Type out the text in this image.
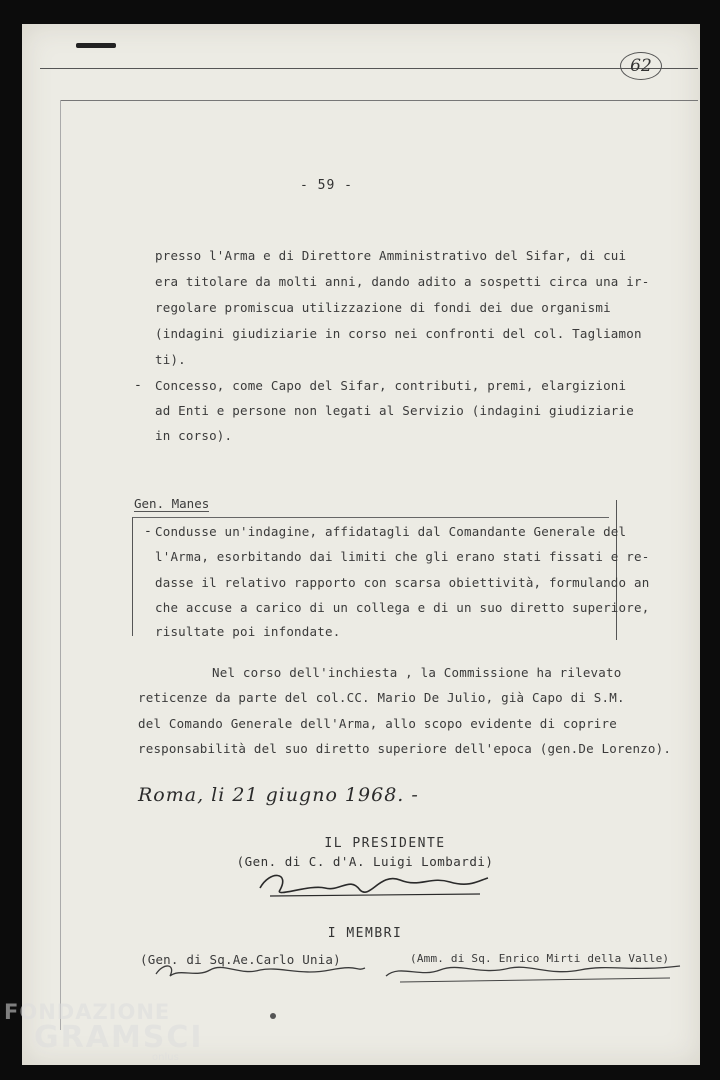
62
- 59 -
presso l'Arma e di Direttore Amministrativo del Sifar, di cui
era titolare da molti anni, dando adito a sospetti circa una ir-
regolare promiscua utilizzazione di fondi dei due organismi
(indagini giudiziarie in corso nei confronti del col. Tagliamon
ti).
- Concesso, come Capo del Sifar, contributi, premi, elargizioni
ad Enti e persone non legati al Servizio (indagini giudiziarie
in corso).
Gen. Manes
- Condusse un'indagine, affidatagli dal Comandante Generale del
l'Arma, esorbitando dai limiti che gli erano stati fissati e re-
dasse il relativo rapporto con scarsa obiettività, formulando an
che accuse a carico di un collega e di un suo diretto superiore,
risultate poi infondate.
Nel corso dell'inchiesta , la Commissione ha rilevato
reticenze da parte del col.CC. Mario De Julio, già Capo di S.M.
del Comando Generale dell'Arma, allo scopo evidente di coprire
responsabilità del suo diretto superiore dell'epoca (gen.De Lorenzo).
Roma, li 21 giugno 1968. -
IL PRESIDENTE
(Gen. di C. d'A. Luigi Lombardi)
I MEMBRI
(Gen. di Sq.Ae.Carlo Unia)	(Amm. di Sq. Enrico Mirti della Valle)
FONDAZIONE
GRAMSCI
onlus
